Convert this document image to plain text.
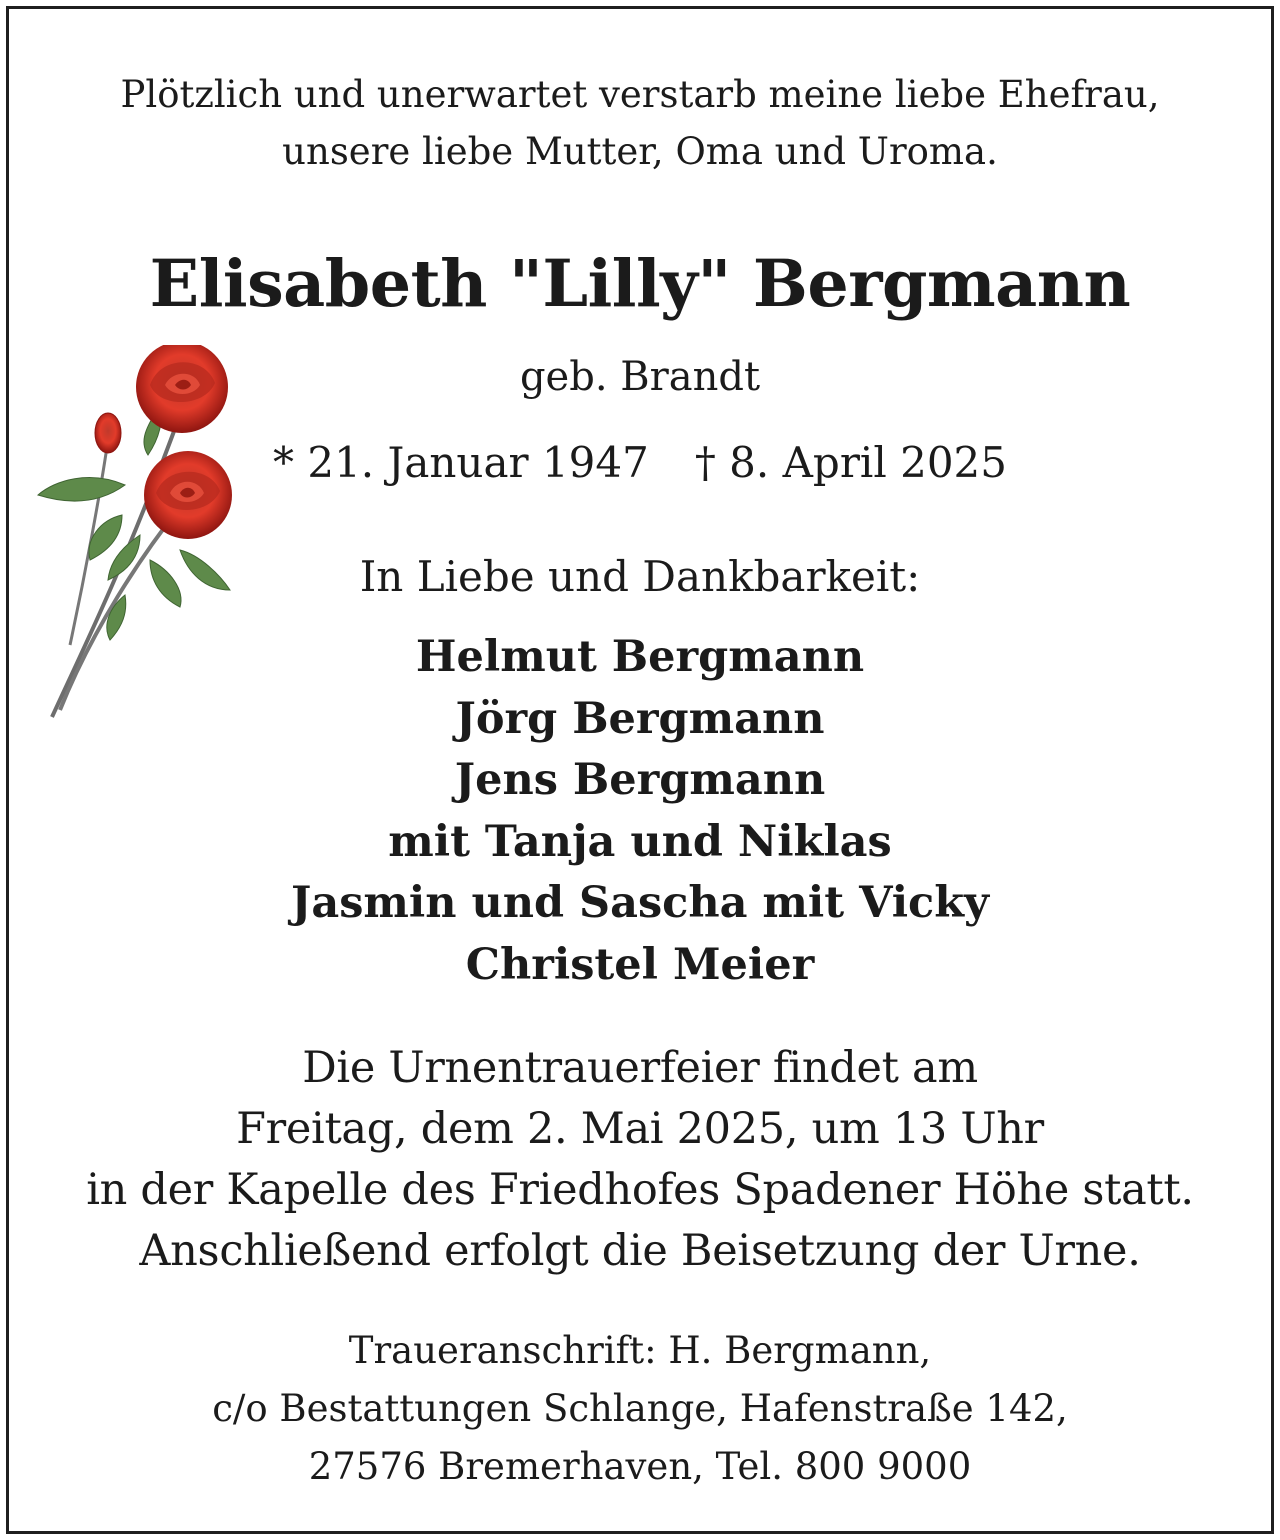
Plötzlich und unerwartet verstarb meine liebe Ehefrau,
unsere liebe Mutter, Oma und Uroma.
Elisabeth "Lilly" Bergmann
geb. Brandt
* 21. Januar 1947 † 8. April 2025
In Liebe und Dankbarkeit:
Helmut Bergmann
Jörg Bergmann
Jens Bergmann
mit Tanja und Niklas
Jasmin und Sascha mit Vicky
Christel Meier
Die Urnentrauerfeier findet am
Freitag, dem 2. Mai 2025, um 13 Uhr
in der Kapelle des Friedhofes Spadener Höhe statt.
Anschließend erfolgt die Beisetzung der Urne.
Traueranschrift: H. Bergmann,
c/o Bestattungen Schlange, Hafenstraße 142,
27576 Bremerhaven, Tel. 800 9000
